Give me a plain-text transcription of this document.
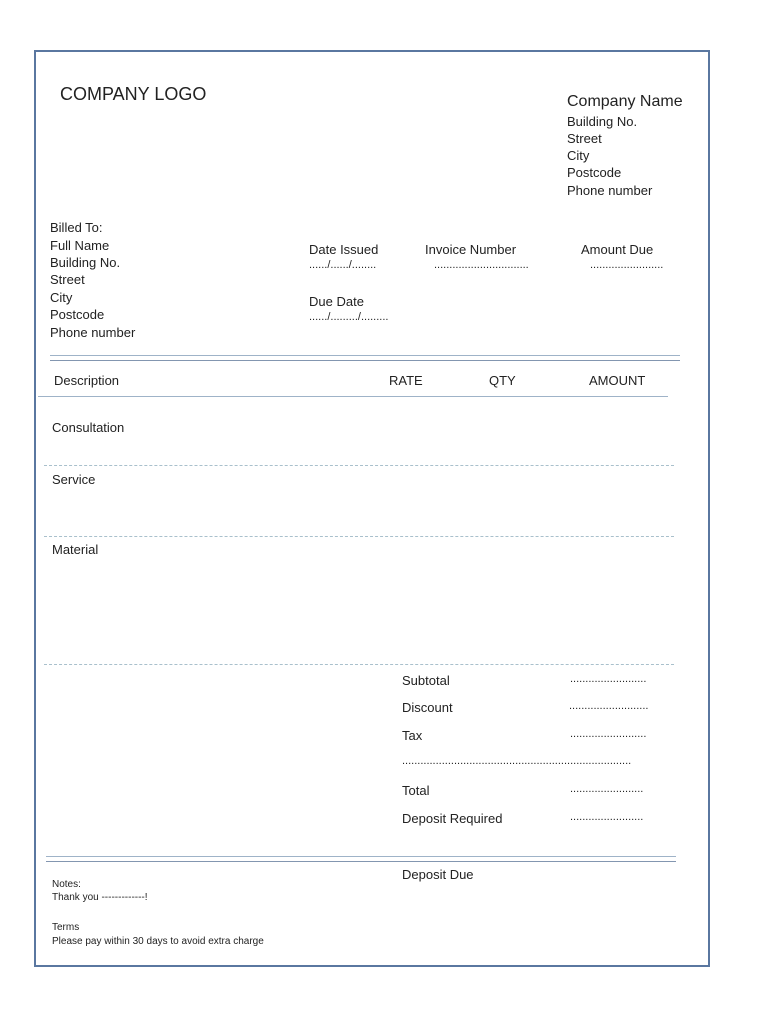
COMPANY LOGO	Company Name
Building No.
Street
City
Postcode
Phone number
Billed To:
Full Name
Building No.
Street
City
Postcode
Phone number
Date Issued
....../....../........
Due Date
....../........./.........
Invoice Number
...............................
Amount Due
........................
Description	RATE	QTY	AMOUNT
Consultation
Service
Material
Subtotal	.........................
Discount	..........................
Tax	.........................
...........................................................................
Total	........................
Deposit Required	........................
Deposit Due
Notes:
Thank you -------------!
Terms
Please pay within 30 days to avoid extra charge
